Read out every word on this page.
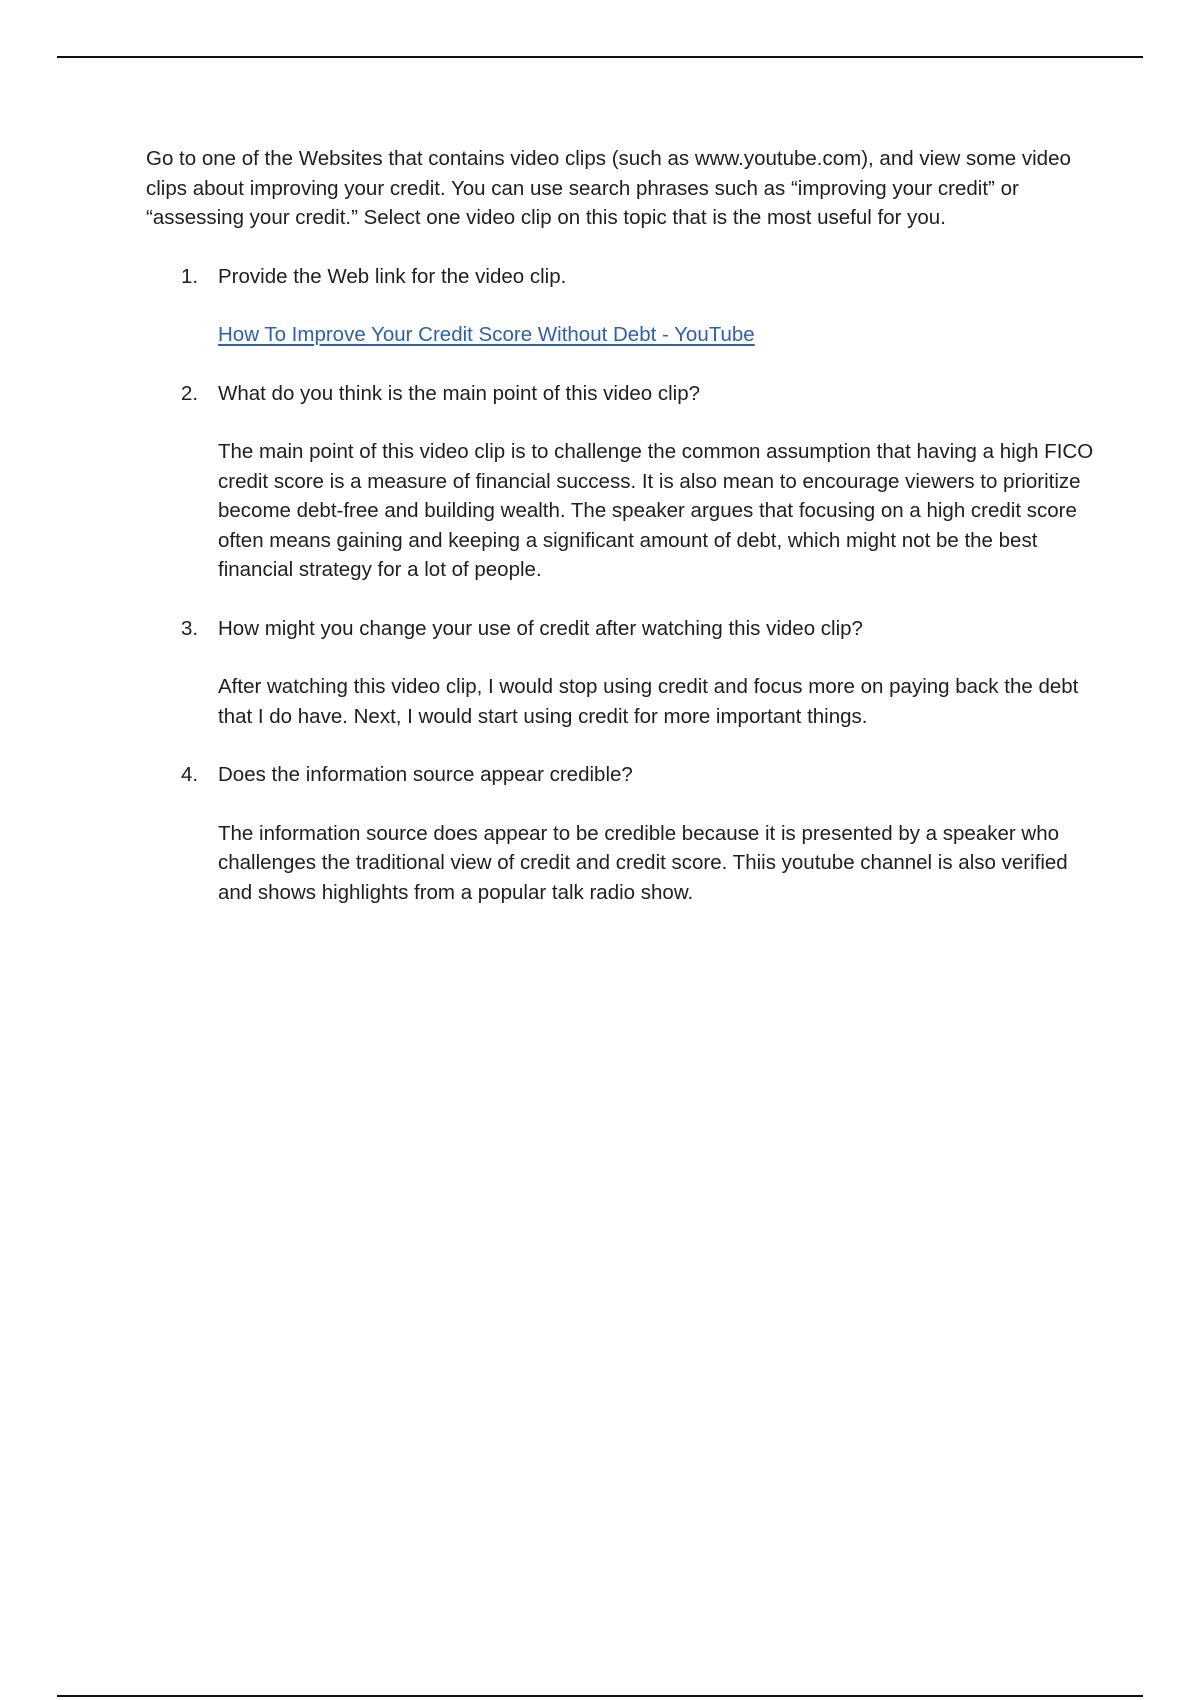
Go to one of the Websites that contains video clips (such as www.youtube.com), and view some video clips about improving your credit. You can use search phrases such as “improving your credit” or “assessing your credit.” Select one video clip on this topic that is the most useful for you.

1. Provide the Web link for the video clip.

How To Improve Your Credit Score Without Debt - YouTube

2. What do you think is the main point of this video clip?

The main point of this video clip is to challenge the common assumption that having a high FICO credit score is a measure of financial success. It is also mean to encourage viewers to prioritize become debt-free and building wealth. The speaker argues that focusing on a high credit score often means gaining and keeping a significant amount of debt, which might not be the best financial strategy for a lot of people.

3. How might you change your use of credit after watching this video clip?

After watching this video clip, I would stop using credit and focus more on paying back the debt that I do have. Next, I would start using credit for more important things.

4. Does the information source appear credible?

The information source does appear to be credible because it is presented by a speaker who challenges the traditional view of credit and credit score. Thiis youtube channel is also verified and shows highlights from a popular talk radio show.
